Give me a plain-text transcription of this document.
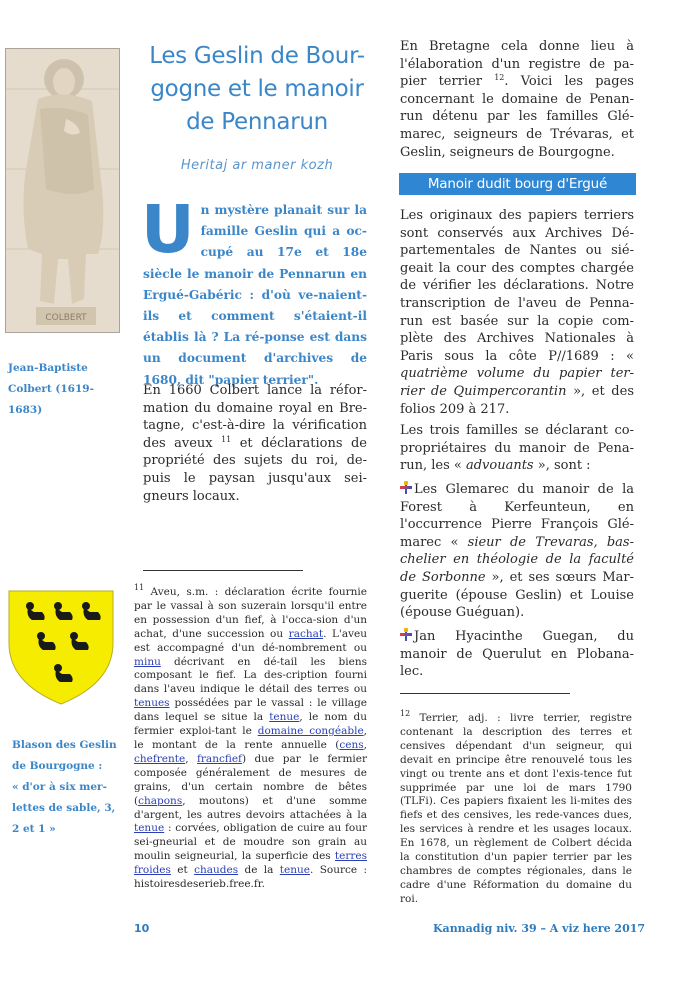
COLBERT
Jean-Baptiste Colbert (1619-1683)
Blason des Geslin de Bourgogne :
« d'or à six mer-lettes de sable, 3, 2 et 1 »
Les Geslin de Bour-gogne et le manoir de Pennarun
Heritaj ar maner kozh
Un mystère planait sur la famille Geslin qui a oc-cupé au 17e et 18e siècle le manoir de Pennarun en Ergué-Gabéric : d'où ve-naient-ils et comment s'étaient-il établis là ? La ré-ponse est dans un document d'archives de 1680, dit "papier terrier".

En 1660 Colbert lance la réfor-mation du domaine royal en Bre-tagne, c'est-à-dire la vérification des aveux $^{11}$ et déclarations de propriété des sujets du roi, de-puis le paysan jusqu'aux sei-gneurs locaux.

$^{11}$ Aveu, s.m. : déclaration écrite fournie par le vassal à son suzerain lorsqu'il entre en possession d'un fief, à l'occa-sion d'un achat, d'une succession ou rachat. L'aveu est accompagné d'un dé-nombrement ou minu décrivant en dé-tail les biens composant le fief. La des-cription fourni dans l'aveu indique le détail des terres ou tenues possédées par le vassal : le village dans lequel se situe la tenue, le nom du fermier exploi-tant le domaine congéable, le montant de la rente annuelle (cens, chefrente, francfief) due par le fermier composée généralement de mesures de grains, d'un certain nombre de bêtes (chapons, moutons) et d'une somme d'argent, les autres devoirs attachées à la tenue : corvées, obligation de cuire au four sei-gneurial et de moudre son grain au moulin seigneurial, la superficie des terres froides et chaudes de la tenue. Source : histoiresdeserieb.free.fr.

10

En Bretagne cela donne lieu à l'élaboration d'un registre de pa-pier terrier $^{12}$. Voici les pages concernant le domaine de Penan-run détenu par les familles Glé-marec, seigneurs de Trévaras, et Geslin, seigneurs de Bourgogne.

Manoir dudit bourg d'Ergué

Les originaux des papiers terriers sont conservés aux Archives Dé-partementales de Nantes ou sié-geait la cour des comptes chargée de vérifier les déclarations. Notre transcription de l'aveu de Penna-run est basée sur la copie com-plète des Archives Nationales à Paris sous la côte P//1689 : « quatrième volume du papier ter-rier de Quimpercorantin », et des folios 209 à 217.

Les trois familles se déclarant co-propriétaires du manoir de Pena-run, les « advouants », sont :

Les Glemarec du manoir de la Forest à Kerfeunteun, en l'occurrence Pierre François Glé-marec « sieur de Trevaras, bas-chelier en théologie de la faculté de Sorbonne », et ses sœurs Mar-guerite (épouse Geslin) et Louise (épouse Guéguan).

Jan Hyacinthe Guegan, du manoir de Querulut en Plobana-lec.

$^{12}$ Terrier, adj. : livre terrier, registre contenant la description des terres et censives dépendant d'un seigneur, qui devait en principe être renouvelé tous les vingt ou trente ans et dont l'exis-tence fut supprimée par une loi de mars 1790 (TLFi). Ces papiers fixaient les li-mites des fiefs et des censives, les rede-vances dues, les services à rendre et les usages locaux. En 1678, un règlement de Colbert décida la constitution d'un papier terrier par les chambres de comptes régionales, dans le cadre d'une Réformation du domaine du roi.

Kannadig niv. 39 – A viz here 2017
